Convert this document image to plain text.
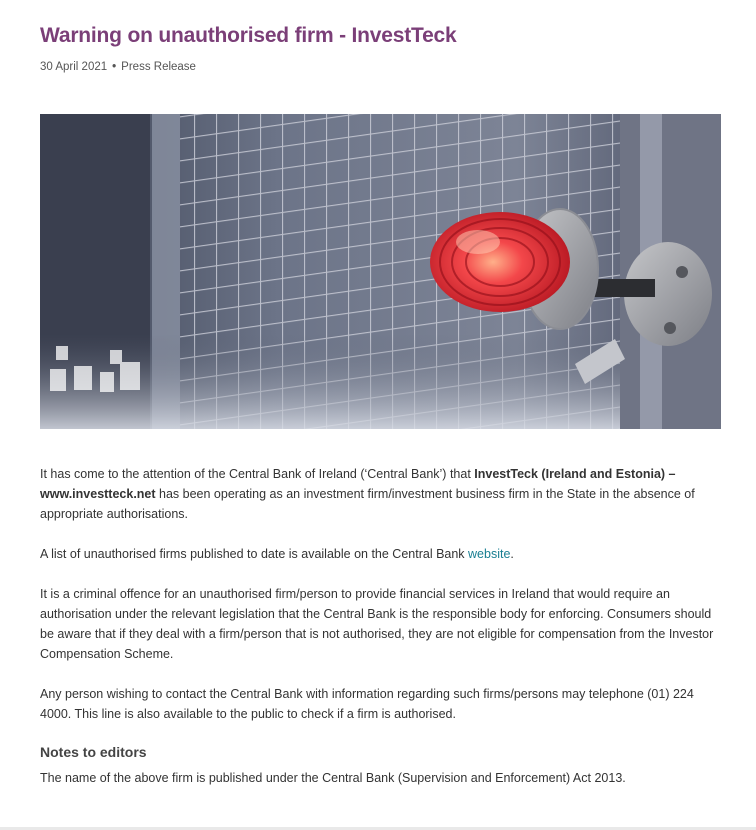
Warning on unauthorised firm - InvestTeck
30 April 2021 • Press Release

It has come to the attention of the Central Bank of Ireland (‘Central Bank’) that InvestTeck (Ireland and Estonia) – www.investteck.net has been operating as an investment firm/investment business firm in the State in the absence of appropriate authorisations.

A list of unauthorised firms published to date is available on the Central Bank website.

It is a criminal offence for an unauthorised firm/person to provide financial services in Ireland that would require an authorisation under the relevant legislation that the Central Bank is the responsible body for enforcing. Consumers should be aware that if they deal with a firm/person that is not authorised, they are not eligible for compensation from the Investor Compensation Scheme.

Any person wishing to contact the Central Bank with information regarding such firms/persons may telephone (01) 224 4000. This line is also available to the public to check if a firm is authorised.

Notes to editors

The name of the above firm is published under the Central Bank (Supervision and Enforcement) Act 2013.
